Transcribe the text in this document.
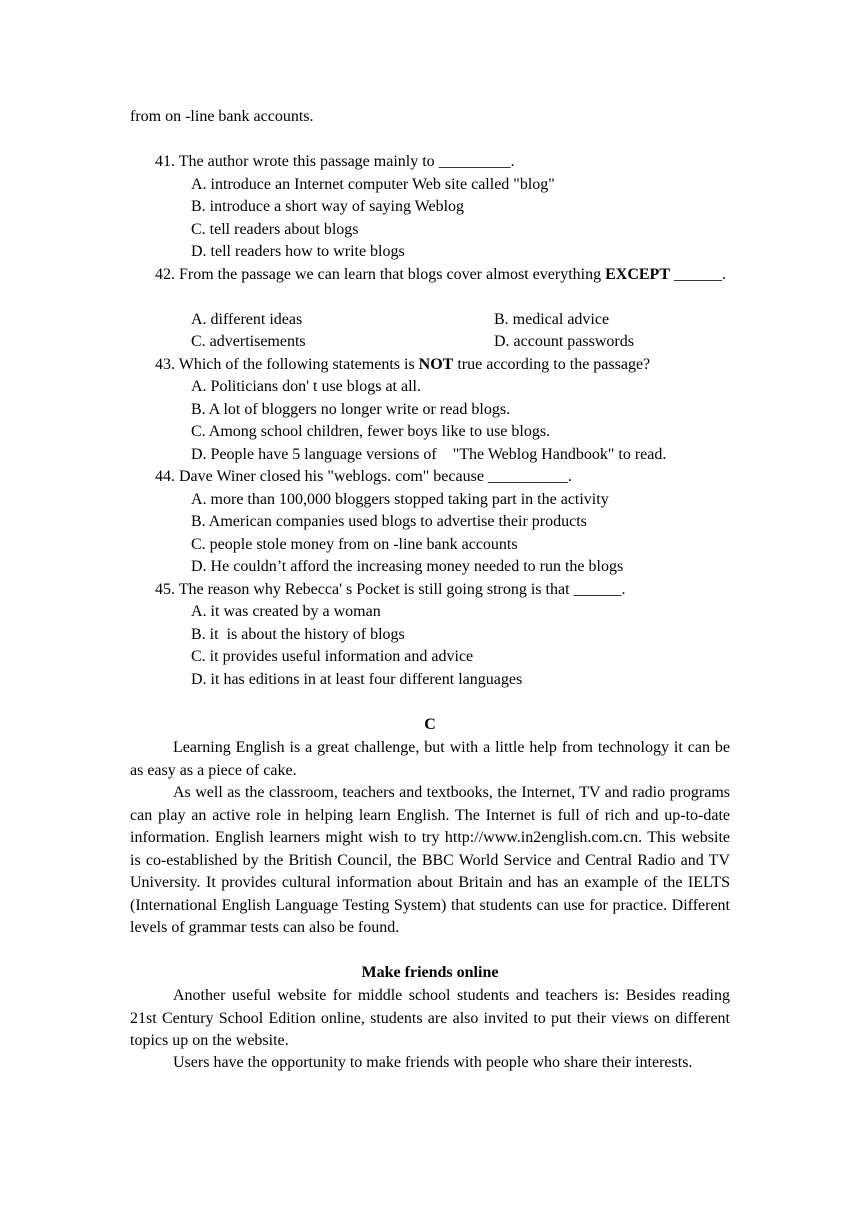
from on -line bank accounts.
41. The author wrote this passage mainly to _________.
A. introduce an Internet computer Web site called "blog"
B. introduce a short way of saying Weblog
C. tell readers about blogs
D. tell readers how to write blogs
42. From the passage we can learn that blogs cover almost everything EXCEPT ______.
A. different ideas	B. medical advice
C. advertisements	D. account passwords
43. Which of the following statements is NOT true according to the passage?
A. Politicians don' t use blogs at all.
B. A lot of bloggers no longer write or read blogs.
C. Among school children, fewer boys like to use blogs.
D. People have 5 language versions of    "The Weblog Handbook" to read.
44. Dave Winer closed his "weblogs. com" because __________.
A. more than 100,000 bloggers stopped taking part in the activity
B. American companies used blogs to advertise their products
C. people stole money from on -line bank accounts
D. He couldn’t afford the increasing money needed to run the blogs
45. The reason why Rebecca' s Pocket is still going strong is that ______.
A. it was created by a woman
B. it  is about the history of blogs
C. it provides useful information and advice
D. it has editions in at least four different languages
C
Learning English is a great challenge, but with a little help from technology it can be as easy as a piece of cake.
As well as the classroom, teachers and textbooks, the Internet, TV and radio programs can play an active role in helping learn English. The Internet is full of rich and up-to-date information. English learners might wish to try http://www.in2english.com.cn. This website is co-established by the British Council, the BBC World Service and Central Radio and TV University. It provides cultural information about Britain and has an example of the IELTS (International English Language Testing System) that students can use for practice. Different levels of grammar tests can also be found.
Make friends online
Another useful website for middle school students and teachers is: Besides reading 21st Century School Edition online, students are also invited to put their views on different topics up on the website.
Users have the opportunity to make friends with people who share their interests.
